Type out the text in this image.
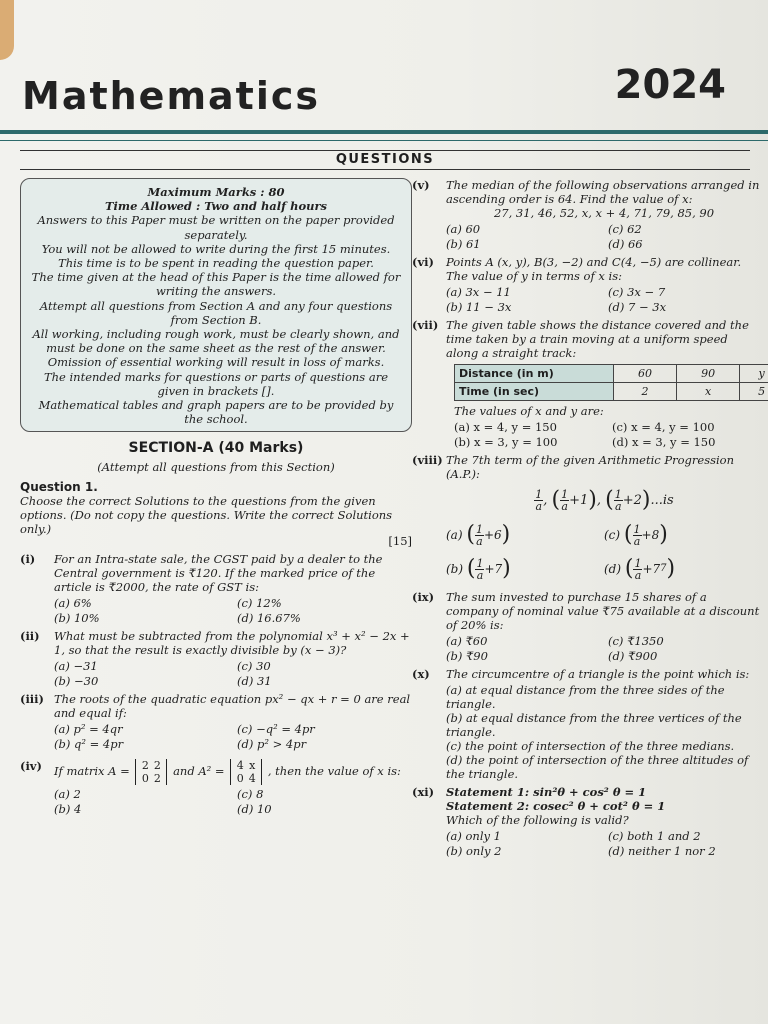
Mathematics	2024
QUESTIONS
Maximum Marks : 80
Time Allowed : Two and half hours
Answers to this Paper must be written on the paper provided separately.
You will not be allowed to write during the first 15 minutes.
This time is to be spent in reading the question paper.
The time given at the head of this Paper is the time allowed for writing the answers.
Attempt all questions from Section A and any four questions from Section B.
All working, including rough work, must be clearly shown, and must be done on the same sheet as the rest of the answer.
Omission of essential working will result in loss of marks.
The intended marks for questions or parts of questions are given in brackets [].
Mathematical tables and graph papers are to be provided by the school.
SECTION-A (40 Marks)
(Attempt all questions from this Section)
Question 1.
Choose the correct Solutions to the questions from the given options. (Do not copy the questions. Write the correct Solutions only.)
[15]
(i)	For an Intra-state sale, the CGST paid by a dealer to the Central government is ₹120. If the marked price of the article is ₹2000, the rate of GST is:
(a) 6%	(c) 12%
(b) 10%	(d) 16.67%
(ii)	What must be subtracted from the polynomial x³ + x² − 2x + 1, so that the result is exactly divisible by (x − 3)?
(a) −31	(c) 30
(b) −30	(d) 31
(iii) The roots of the quadratic equation px² − qx + r = 0 are real and equal if:
(a) p² = 4qr	(c) −q² = 4pr
(b) q² = 4pr	(d) p² > 4pr
(iv)	If matrix A = 2 2
0 2 and A² = 4 x
0 4 , then the value of x is:
(a) 2	(c) 8
(b) 4	(d) 10
(v)	The median of the following observations arranged in ascending order is 64. Find the value of x:
27, 31, 46, 52, x, x + 4, 71, 79, 85, 90
(a) 60	(c) 62
(b) 61	(d) 66
(vi)	Points A (x, y), B(3, −2) and C(4, −5) are collinear. The value of y in terms of x is:
(a) 3x − 11	(c) 3x − 7
(b) 11 − 3x	(d) 7 − 3x
(vii) The given table shows the distance covered and the time taken by a train moving at a uniform speed along a straight track:
Distance (in m)	60	90	y
Time (in sec)	2	x	5
The values of x and y are:
(a) x = 4, y = 150	(c) x = 4, y = 100
(b) x = 3, y = 100	(d) x = 3, y = 150
(viii) The 7th term of the given Arithmetic Progression (A.P.):
$\frac{1}{a}$ , ( $\frac{1}{a} +1$), ( $\frac{1}{a} +2)...is$
(a)
( $\frac{1}{a} +6$ )	(c)
( $\frac{1}{a} +8$ )
(b)
( $\frac{1}{a} +7$ )	(d)
( $\frac{1}{a} +7$ 7 )
(ix)	The sum invested to purchase 15 shares of a company of nominal value ₹75 available at a discount of 20% is:
(a) ₹60	(c) ₹1350
(b) ₹90	(d) ₹900
(x)	The circumcentre of a triangle is the point which is:
(a) at equal distance from the three sides of the triangle.
(b) at equal distance from the three vertices of the triangle.
(c) the point of intersection of the three medians.
(d) the point of intersection of the three altitudes of the triangle.
(xi)	Statement 1: sin²θ + cos² θ = 1
Statement 2: cosec² θ + cot² θ = 1
Which of the following is valid?
(a) only 1	(c) both 1 and 2
(b) only 2	(d) neither 1 nor 2
